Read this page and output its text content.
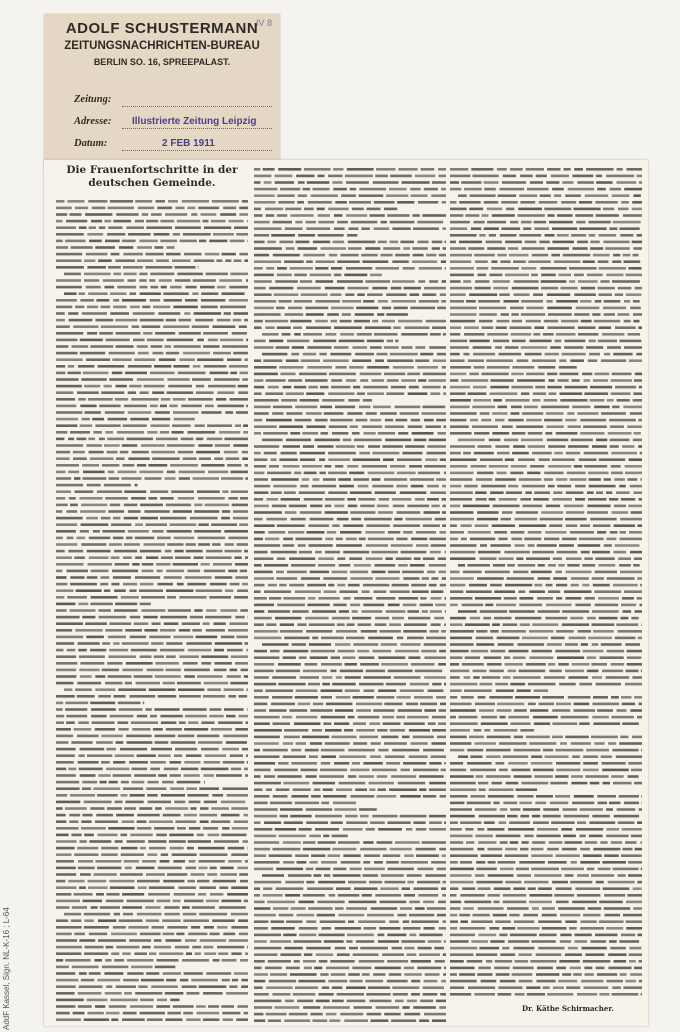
AddF Kassel, Sign. NL-K-16 ; L-64
IV 8
ADOLF SCHUSTERMANN
ZEITUNGSNACHRICHTEN-BUREAU
BERLIN SO. 16, SPREEPALAST.
Zeitung:
Adresse: Illustrierte Zeitung Leipzig
Datum:	2 FEB 1911
Die Frauenfortschritte in der deutschen Gemeinde.
Dr. Käthe Schirmacher.
